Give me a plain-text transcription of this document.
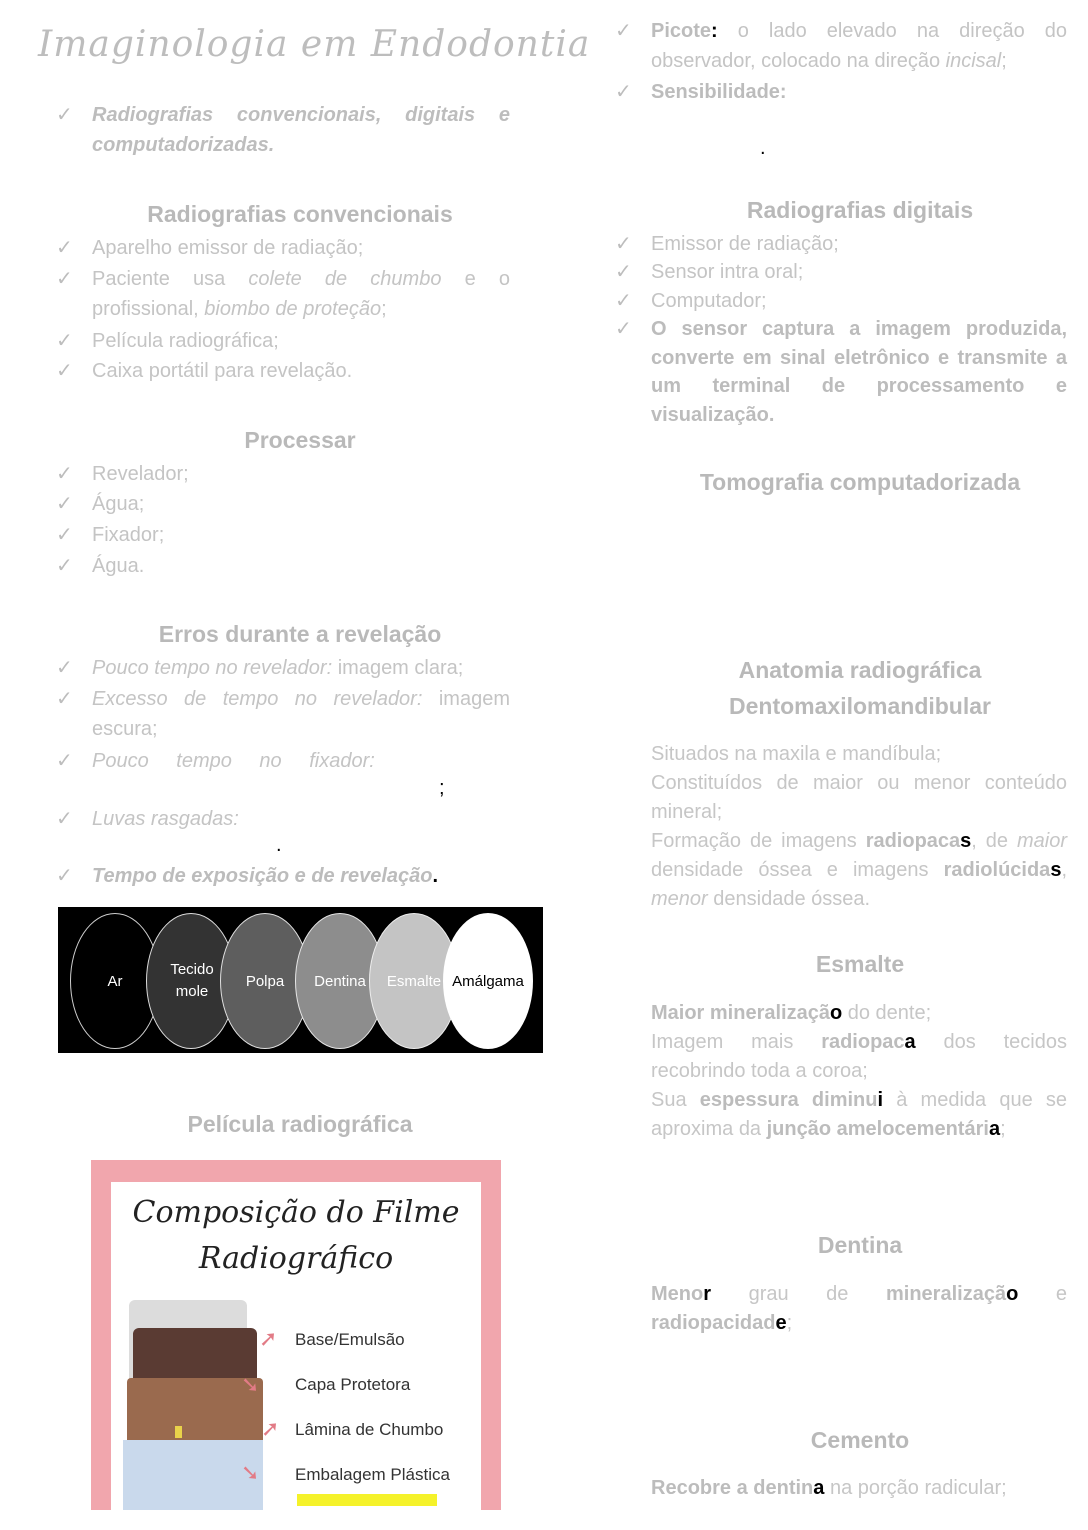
Imaginologia em Endodontia
✓ Radiografias convencionais, digitais e computadorizadas.
Radiografias convencionais
✓ Aparelho emissor de radiação;
✓ Paciente usa colete de chumbo e o profissional, biombo de proteção;
✓ Película radiográfica;
✓ Caixa portátil para revelação.
Processar
✓ Revelador;
✓ Água;
✓ Fixador;
✓ Água.
Erros durante a revelação
✓ Pouco tempo no revelador: imagem clara;
✓ Excesso de tempo no revelador: imagem escura;
✓ Pouco tempo no fixador:
;
✓ Luvas rasgadas:
.
✓ Tempo de exposição e de revelação.
Ar
Tecido mole
Polpa	Dentina	Esmalte Amálgama
Película radiográfica
Composição do Filme Radiográfico
➚
➘
➚
➘
Base/Emulsão
Capa Protetora
Lâmina de Chumbo
Embalagem Plástica
✓ Picote: o lado elevado na direção do observador, colocado na direção incisal;
✓ Sensibilidade:
.
Radiografias digitais
✓ Emissor de radiação;
✓ Sensor intra oral;
✓ Computador;
✓ O sensor captura a imagem produzida, converte em sinal eletrônico e transmite a um terminal de processamento e visualização.
Tomografia computadorizada
Anatomia radiográfica
Dentomaxilomandibular
Situados na maxila e mandíbula;
Constituídos de maior ou menor conteúdo mineral;
Formação de imagens radiopacas, de maior densidade óssea e imagens radiolúcidas, menor densidade óssea.
Esmalte
Maior mineralização do dente;
Imagem mais radiopaca dos tecidos recobrindo toda a coroa;
Sua espessura diminui à medida que se aproxima da junção amelocementária;
Dentina
Menor grau de mineralização e radiopacidade;
Cemento
Recobre a dentina na porção radicular;
